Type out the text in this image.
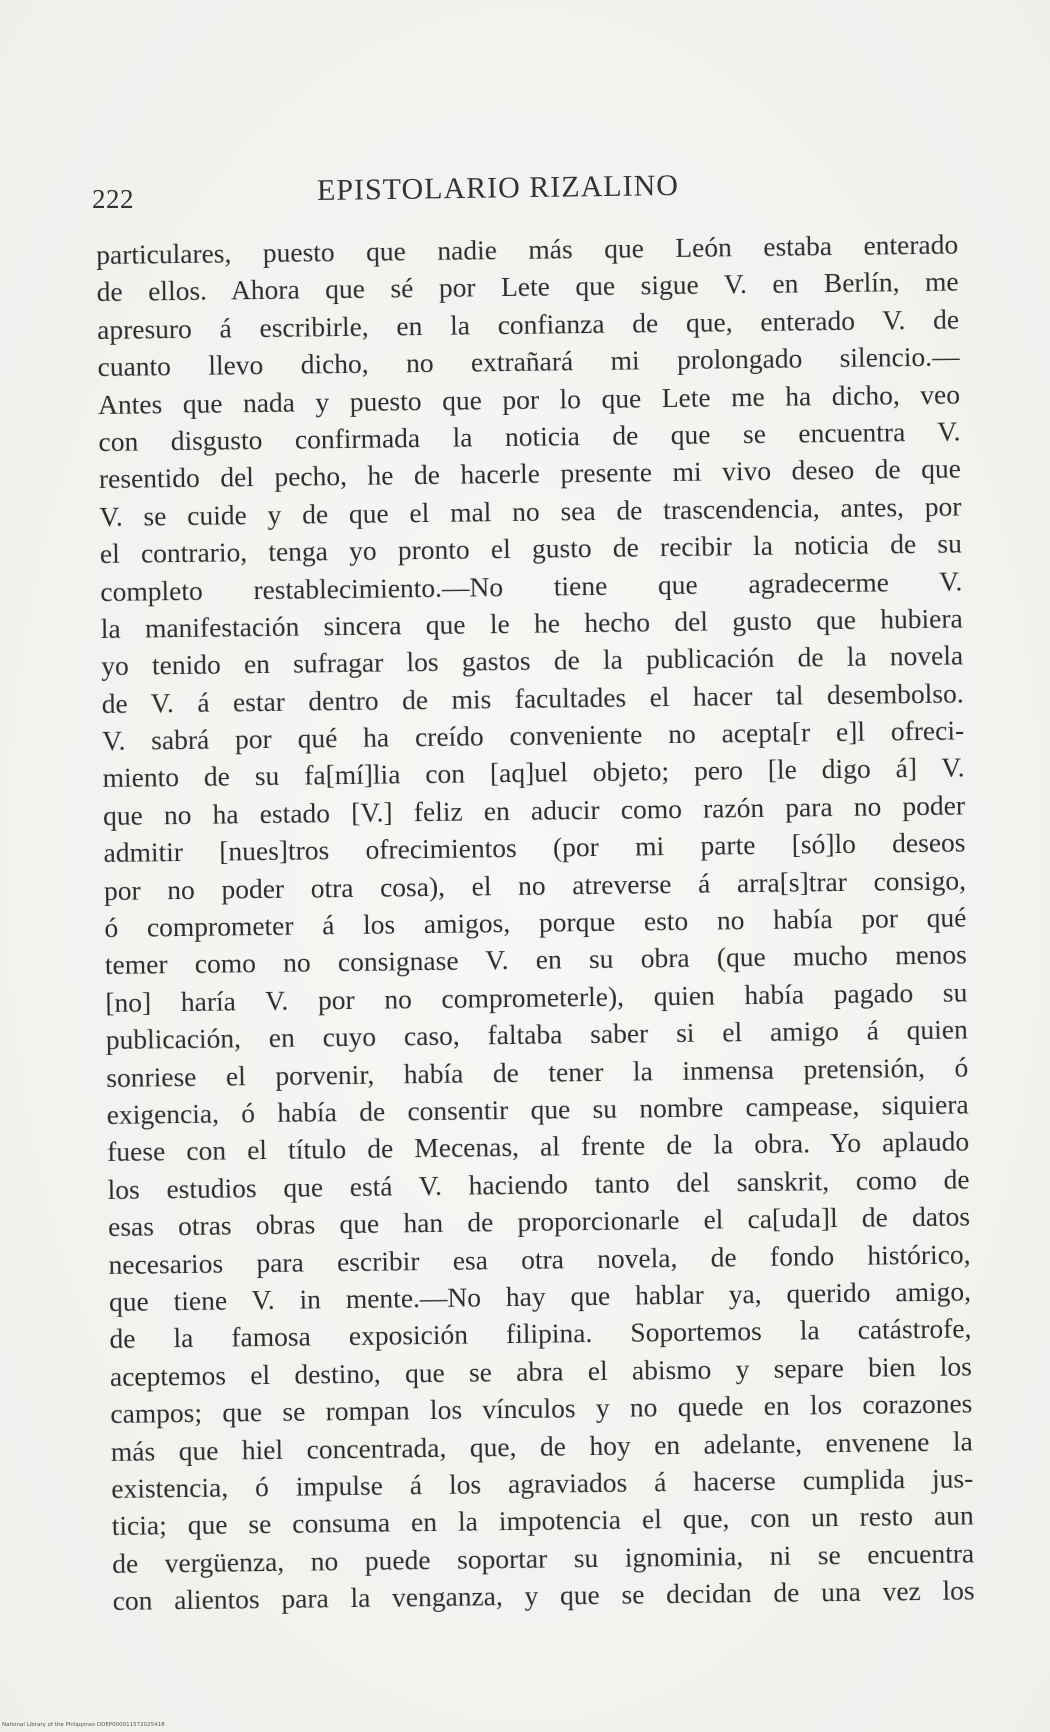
222	EPISTOLARIO RIZALINO
particulares, puesto que nadie más que León estaba enterado
de ellos. Ahora que sé por Lete que sigue V. en Berlín, me
apresuro á escribirle, en la confianza de que, enterado V. de
cuanto llevo dicho, no extrañará mi prolongado silencio.—
Antes que nada y puesto que por lo que Lete me ha dicho, veo
con disgusto confirmada la noticia de que se encuentra V.
resentido del pecho, he de hacerle presente mi vivo deseo de que
V. se cuide y de que el mal no sea de trascendencia, antes, por
el contrario, tenga yo pronto el gusto de recibir la noticia de su
completo restablecimiento.—No tiene que agradecerme V.
la manifestación sincera que le he hecho del gusto que hubiera
yo tenido en sufragar los gastos de la publicación de la novela
de V. á estar dentro de mis facultades el hacer tal desembolso.
V. sabrá por qué ha creído conveniente no acepta[r e]l ofreci-
miento de su fa[mí]lia con [aq]uel objeto; pero [le digo á] V.
que no ha estado [V.] feliz en aducir como razón para no poder
admitir [nues]tros ofrecimientos (por mi parte [só]lo deseos
por no poder otra cosa), el no atreverse á arra[s]trar consigo,
ó comprometer á los amigos, porque esto no había por qué
temer como no consignase V. en su obra (que mucho menos
[no] haría V. por no comprometerle), quien había pagado su
publicación, en cuyo caso, faltaba saber si el amigo á quien
sonriese el porvenir, había de tener la inmensa pretensión, ó
exigencia, ó había de consentir que su nombre campease, siquiera
fuese con el título de Mecenas, al frente de la obra. Yo aplaudo
los estudios que está V. haciendo tanto del sanskrit, como de
esas otras obras que han de proporcionarle el ca[uda]l de datos
necesarios para escribir esa otra novela, de fondo histórico,
que tiene V. in mente.—No hay que hablar ya, querido amigo,
de la famosa exposición filipina. Soportemos la catástrofe,
aceptemos el destino, que se abra el abismo y separe bien los
campos; que se rompan los vínculos y no quede en los corazones
más que hiel concentrada, que, de hoy en adelante, envenene la
existencia, ó impulse á los agraviados á hacerse cumplida jus-
ticia; que se consuma en la impotencia el que, con un resto aun
de vergüenza, no puede soportar su ignominia, ni se encuentra
con alientos para la venganza, y que se decidan de una vez los
National Library of the Philippines DDEP000011572025418
